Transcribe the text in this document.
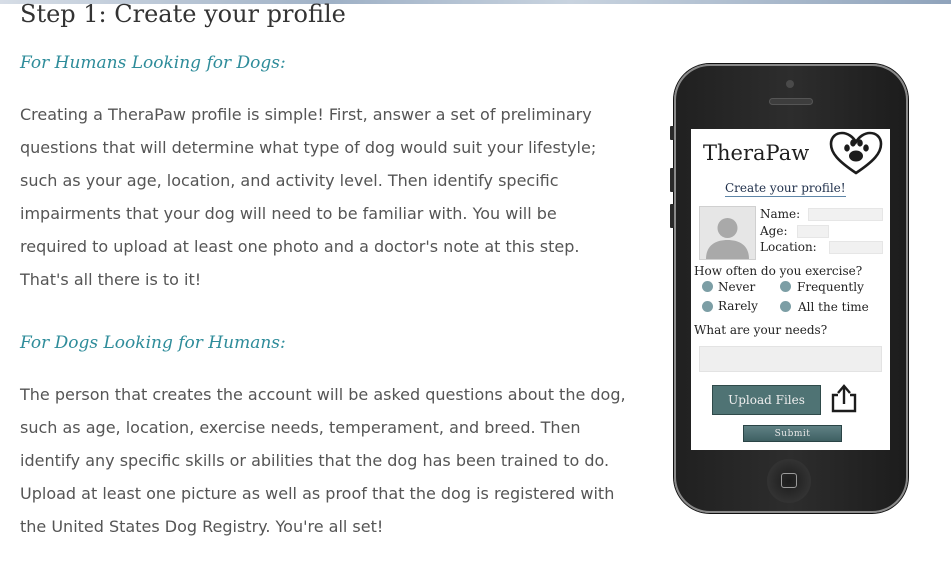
Step 1: Create your profile
For Humans Looking for Dogs:
Creating a TheraPaw profile is simple! First, answer a set of preliminary
questions that will determine what type of dog would suit your lifestyle;
such as your age, location, and activity level. Then identify specific
impairments that your dog will need to be familiar with. You will be
required to upload at least one photo and a doctor's note at this step.
That's all there is to it!
For Dogs Looking for Humans:
The person that creates the account will be asked questions about the dog,
such as age, location, exercise needs, temperament, and breed. Then
identify any specific skills or abilities that the dog has been trained to do.
Upload at least one picture as well as proof that the dog is registered with
the United States Dog Registry. You're all set!
TheraPaw
Create your profile!
Name:
Age:
Location:
How often do you exercise?
Never	Frequently
Rarely	All the time
What are your needs?
Upload Files
Submit
